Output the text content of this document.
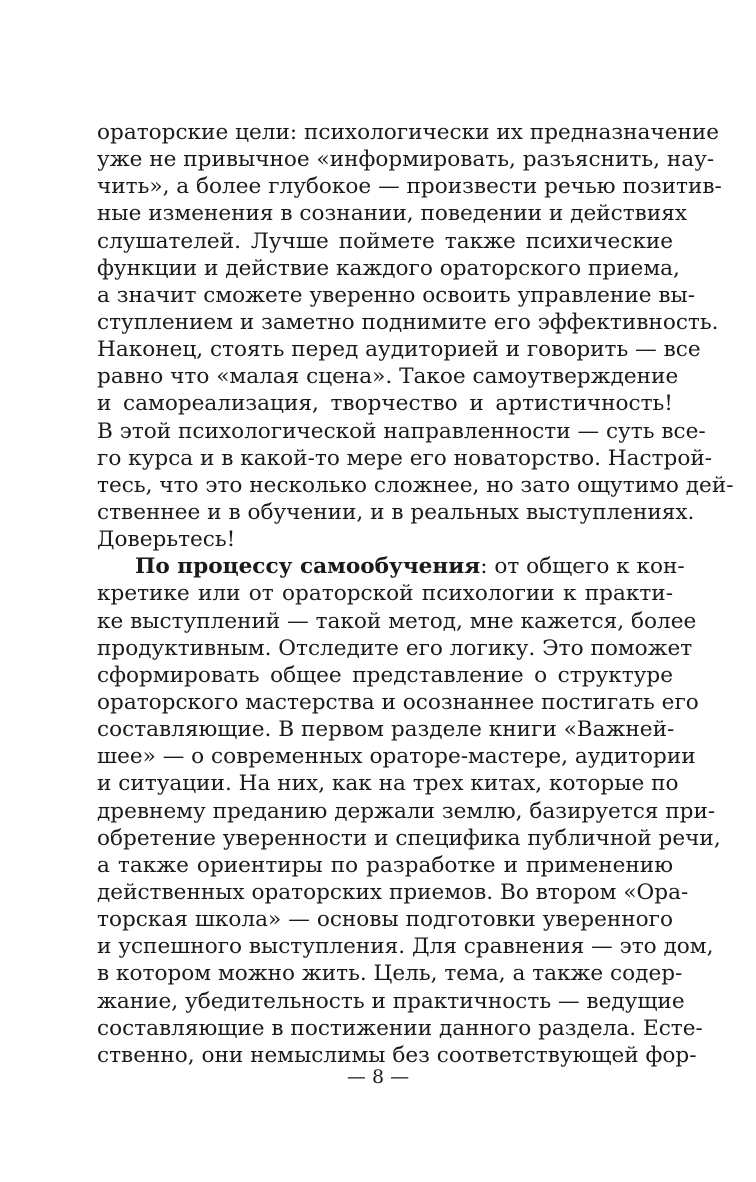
ораторские цели: психологически их предназначение
уже не привычное «информировать, разъяснить, нау-
чить», а более глубокое — произвести речью позитив-
ные изменения в сознании, поведении и действиях
слушателей. Лучше поймете также психические
функции и действие каждого ораторского приема,
а значит сможете уверенно освоить управление вы-
ступлением и заметно поднимите его эффективность.
Наконец, стоять перед аудиторией и говорить — все
равно что «малая сцена». Такое самоутверждение
и самореализация, творчество и артистичность!
В этой психологической направленности — суть все-
го курса и в какой-то мере его новаторство. Настрой-
тесь, что это несколько сложнее, но зато ощутимо дей-
ственнее и в обучении, и в реальных выступлениях.
Доверьтесь!
По процессу самообучения: от общего к кон-
кретике или от ораторской психологии к практи-
ке выступлений — такой метод, мне кажется, более
продуктивным. Отследите его логику. Это поможет
сформировать общее представление о структуре
ораторского мастерства и осознаннее постигать его
составляющие. В первом разделе книги «Важней-
шее» — о современных ораторе-мастере, аудитории
и ситуации. На них, как на трех китах, которые по
древнему преданию держали землю, базируется при-
обретение уверенности и специфика публичной речи,
а также ориентиры по разработке и применению
действенных ораторских приемов. Во втором «Ора-
торская школа» — основы подготовки уверенного
и успешного выступления. Для сравнения — это дом,
в котором можно жить. Цель, тема, а также содер-
жание, убедительность и практичность — ведущие
составляющие в постижении данного раздела. Есте-
ственно, они немыслимы без соответствующей фор-
— 8 —
